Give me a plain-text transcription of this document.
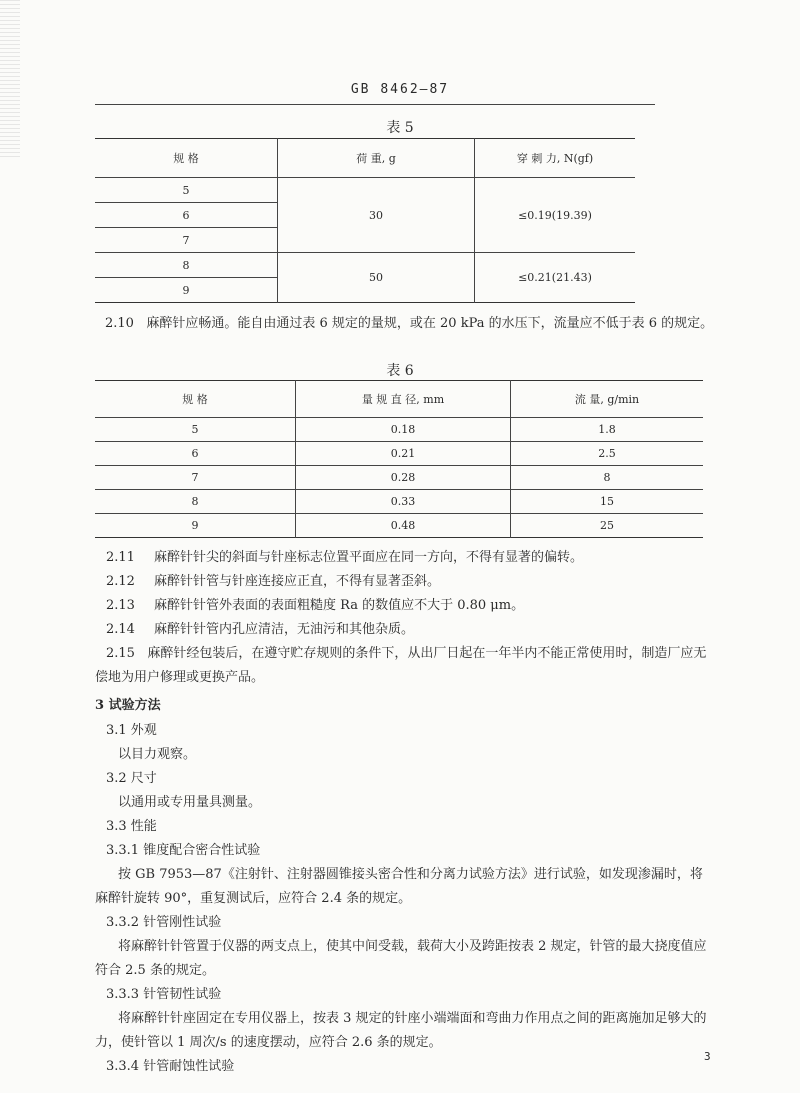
GB 8462—87
表 5
规 格	荷 重, g	穿 刺 力, N(gf)
5	30	≤0.19(19.39)
6		
7		
8	50	≤0.21(21.43)
9		
2.10 麻醉针应畅通。能自由通过表 6 规定的量规，或在 20 kPa 的水压下，流量应不低于表 6 的规定。
表 6
规 格	量 规 直 径, mm	流 量, g/min
5	0.18	1.8
6	0.21	2.5
7	0.28	8
8	0.33	15
9	0.48	25
2.11 麻醉针针尖的斜面与针座标志位置平面应在同一方向，不得有显著的偏转。
2.12 麻醉针针管与针座连接应正直，不得有显著歪斜。
2.13 麻醉针针管外表面的表面粗糙度 Ra 的数值应不大于 0.80 μm。
2.14 麻醉针针管内孔应清洁，无油污和其他杂质。
2.15 麻醉针经包装后，在遵守贮存规则的条件下，从出厂日起在一年半内不能正常使用时，制造厂应无偿地为用户修理或更换产品。
3 试验方法
3.1 外观
以目力观察。
3.2 尺寸
以通用或专用量具测量。
3.3 性能
3.3.1 锥度配合密合性试验
按 GB 7953—87《注射针、注射器圆锥接头密合性和分离力试验方法》进行试验，如发现渗漏时，将麻醉针旋转 90°，重复测试后，应符合 2.4 条的规定。
3.3.2 针管刚性试验
将麻醉针针管置于仪器的两支点上，使其中间受载，载荷大小及跨距按表 2 规定，针管的最大挠度值应符合 2.5 条的规定。
3.3.3 针管韧性试验
将麻醉针针座固定在专用仪器上，按表 3 规定的针座小端端面和弯曲力作用点之间的距离施加足够大的力，使针管以 1 周次/s 的速度摆动，应符合 2.6 条的规定。
3.3.4 针管耐蚀性试验
3
